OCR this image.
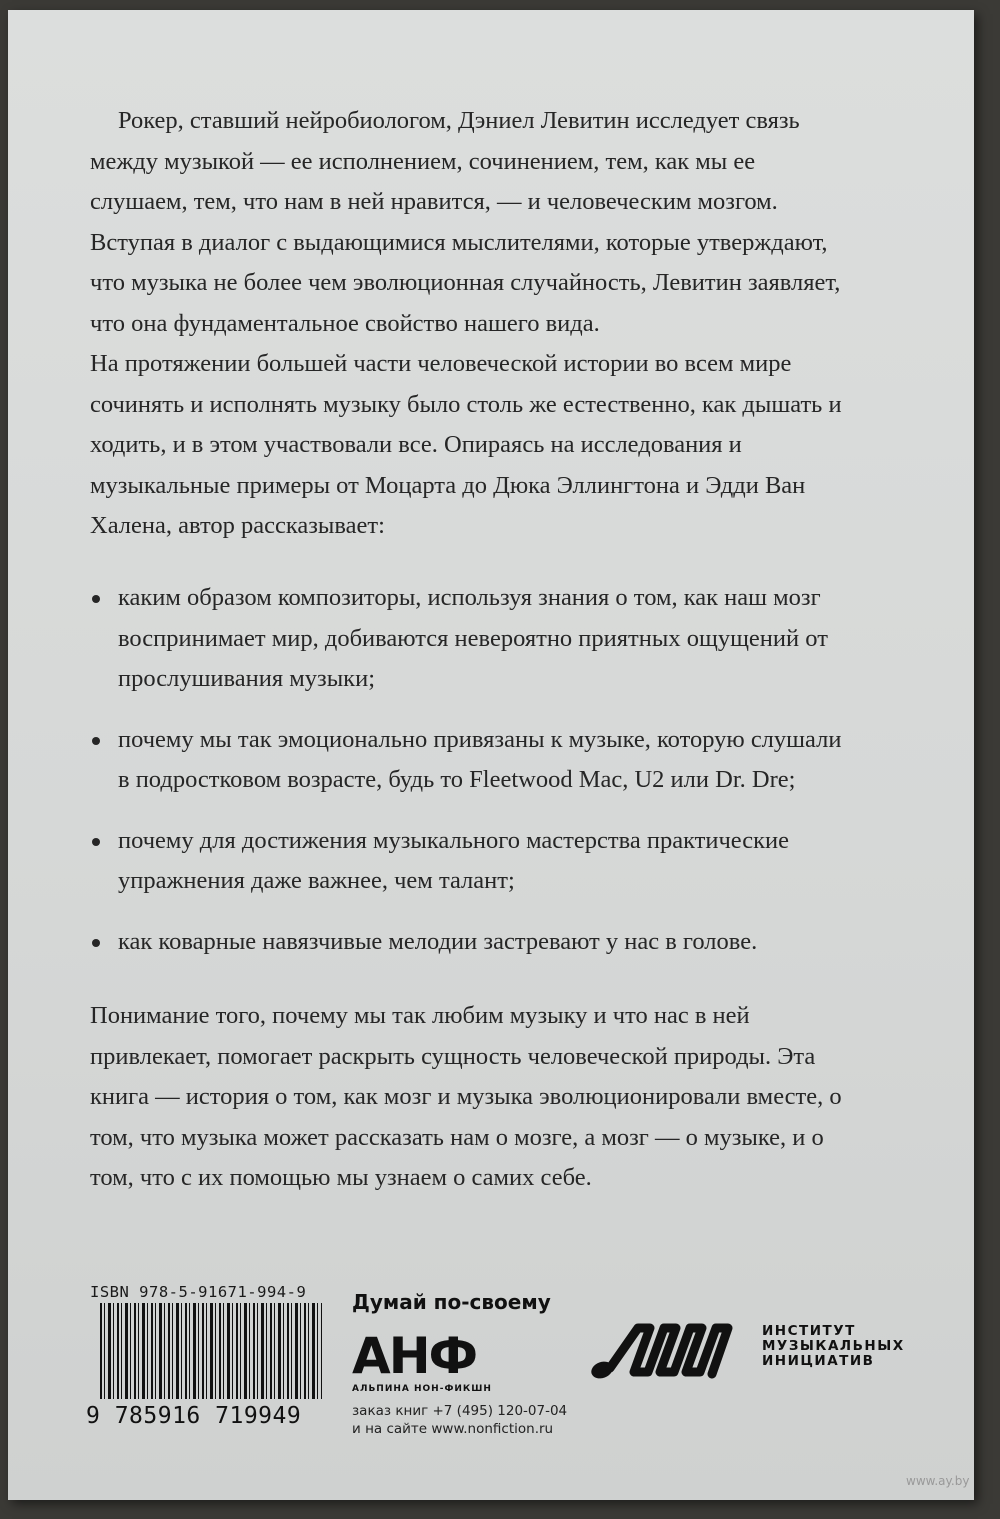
Рокер, ставший нейробиологом, Дэниел Левитин исследует связь между музыкой — ее исполнением, сочинением, тем, как мы ее слушаем, тем, что нам в ней нравится, — и человеческим мозгом. Вступая в диалог с выдающимися мыслителями, которые утверждают, что музыка не более чем эволюционная случайность, Левитин заявляет, что она фундаментальное свойство нашего вида.

На протяжении большей части человеческой истории во всем мире сочинять и исполнять музыку было столь же естественно, как дышать и ходить, и в этом участвовали все. Опираясь на исследования и музыкальные примеры от Моцарта до Дюка Эллингтона и Эдди Ван Халена, автор рассказывает:

каким образом композиторы, используя знания о том, как наш мозг воспринимает мир, добиваются невероятно приятных ощущений от прослушивания музыки;
почему мы так эмоционально привязаны к музыке, которую слушали в подростковом возрасте, будь то Fleetwood Mac, U2 или Dr. Dre;
почему для достижения музыкального мастерства практические упражнения даже важнее, чем талант;
как коварные навязчивые мелодии застревают у нас в голове.

Понимание того, почему мы так любим музыку и что нас в ней привлекает, помогает раскрыть сущность человеческой природы. Эта книга — история о том, как мозг и музыка эволюционировали вместе, о том, что музыка может рассказать нам о мозге, а мозг — о музыке, и о том, что с их помощью мы узнаем о самих себе.

ISBN 978-5-91671-994-9
9 785916 719949
Думай по-своему
АНФ
АЛЬПИНА НОН-ФИКШН
заказ книг +7 (495) 120-07-04
и на сайте www.nonfiction.ru
ИНСТИТУТ
МУЗЫКАЛЬНЫХ
ИНИЦИАТИВ
www.ay.by
